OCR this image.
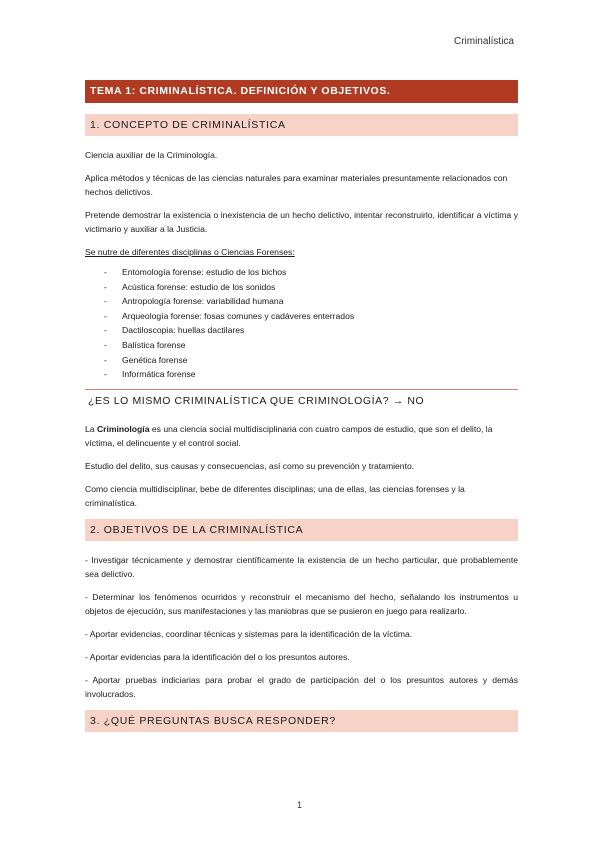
Criminalística
TEMA 1: CRIMINALÍSTICA. DEFINICIÓN Y OBJETIVOS.
1. CONCEPTO DE CRIMINALÍSTICA

Ciencia auxiliar de la Criminología.

Aplica métodos y técnicas de las ciencias naturales para examinar materiales presuntamente relacionados con hechos delictivos.

Pretende demostrar la existencia o inexistencia de un hecho delictivo, intentar reconstruirlo, identificar a víctima y victimario y auxiliar a la Justicia.

Se nutre de diferentes disciplinas o Ciencias Forenses:

- Entomología forense: estudio de los bichos
- Acústica forense: estudio de los sonidos
- Antropología forense: variabilidad humana
- Arqueología forense: fosas comunes y cadáveres enterrados
- Dactiloscopia: huellas dactilares
- Balística forense
- Genética forense
- Informática forense
¿ES LO MISMO CRIMINALÍSTICA QUE CRIMINOLOGÍA? → NO

La Criminología es una ciencia social multidisciplinaria con cuatro campos de estudio, que son el delito, la víctima, el delincuente y el control social.

Estudio del delito, sus causas y consecuencias, así como su prevención y tratamiento.

Como ciencia multidisciplinar, bebe de diferentes disciplinas; una de ellas, las ciencias forenses y la criminalística.

2. OBJETIVOS DE LA CRIMINALÍSTICA

- Investigar técnicamente y demostrar científicamente la existencia de un hecho particular, que probablemente sea delictivo.

- Determinar los fenómenos ocurridos y reconstruir el mecanismo del hecho, señalando los instrumentos u objetos de ejecución, sus manifestaciones y las maniobras que se pusieron en juego para realizarlo.

- Aportar evidencias, coordinar técnicas y sistemas para la identificación de la víctima.

- Aportar evidencias para la identificación del o los presuntos autores.

- Aportar pruebas indiciarias para probar el grado de participación del o los presuntos autores y demás involucrados.

3. ¿QUÉ PREGUNTAS BUSCA RESPONDER?
1
